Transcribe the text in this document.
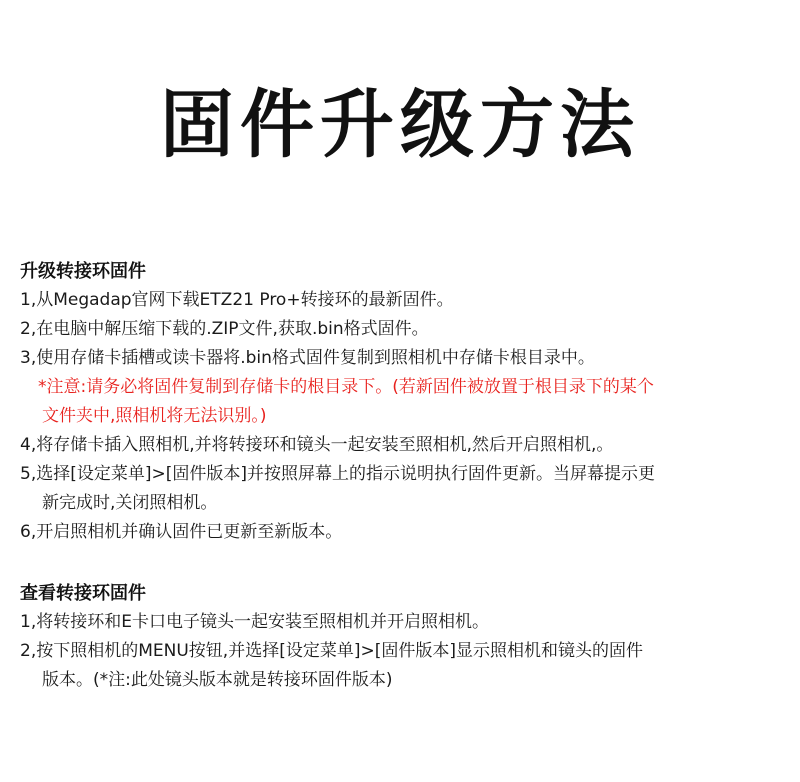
固件升级方法
升级转接环固件
1,从Megadap官网下载ETZ21 Pro+转接环的最新固件。
2,在电脑中解压缩下载的.ZIP文件,获取.bin格式固件。
3,使用存储卡插槽或读卡器将.bin格式固件复制到照相机中存储卡根目录中。
*注意:请务必将固件复制到存储卡的根目录下。(若新固件被放置于根目录下的某个
文件夹中,照相机将无法识别。)
4,将存储卡插入照相机,并将转接环和镜头一起安装至照相机,然后开启照相机,。
5,选择[设定菜单]>[固件版本]并按照屏幕上的指示说明执行固件更新。当屏幕提示更
新完成时,关闭照相机。
6,开启照相机并确认固件已更新至新版本。
查看转接环固件
1,将转接环和E卡口电子镜头一起安装至照相机并开启照相机。
2,按下照相机的MENU按钮,并选择[设定菜单]>[固件版本]显示照相机和镜头的固件
版本。(*注:此处镜头版本就是转接环固件版本)
